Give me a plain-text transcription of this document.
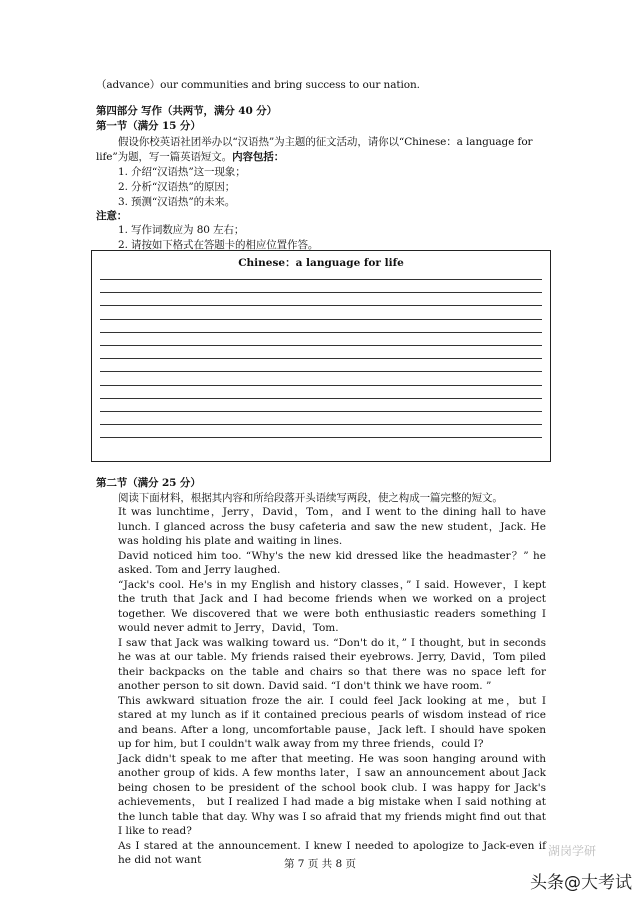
（advance）our communities and bring success to our nation.
第四部分 写作（共两节，满分 40 分）
第一节（满分 15 分）
假设你校英语社团举办以“汉语热”为主题的征文活动，请你以“Chinese：a language for
life”为题，写一篇英语短文。内容包括：
1. 介绍“汉语热”这一现象；
2. 分析“汉语热”的原因；
3. 预测“汉语热”的未来。
注意：
1. 写作词数应为 80 左右；
2. 请按如下格式在答题卡的相应位置作答。
Chinese：a language for life
第二节（满分 25 分）
阅读下面材料，根据其内容和所给段落开头语续写两段，使之构成一篇完整的短文。
It was lunchtime，Jerry，David，Tom，and I went to the dining hall to have lunch. I glanced across the busy cafeteria and saw the new student，Jack. He was holding his plate and waiting in lines.
David noticed him too. “Why's the new kid dressed like the headmaster？” he asked. Tom and Jerry laughed.
“Jack's cool. He's in my English and history classes，” I said. However，I kept the truth that Jack and I had become friends when we worked on a project together. We discovered that we were both enthusiastic readers something I would never admit to Jerry，David，Tom.
I saw that Jack was walking toward us. “Don't do it，” I thought, but in seconds he was at our table. My friends raised their eyebrows. Jerry, David，Tom piled their backpacks on the table and chairs so that there was no space left for another person to sit down. David said. “I don't think we have room. ”
This awkward situation froze the air. I could feel Jack looking at me，but I stared at my lunch as if it contained precious pearls of wisdom instead of rice and beans. After a long, uncomfortable pause，Jack left. I should have spoken up for him, but I couldn't walk away from my three friends，could I?
Jack didn't speak to me after that meeting. He was soon hanging around with another group of kids. A few months later，I saw an announcement about Jack being chosen to be president of the school book club. I was happy for Jack's achievements， but I realized I had made a big mistake when I said nothing at the lunch table that day. Why was I so afraid that my friends might find out that I like to read?
As I stared at the announcement. I knew I needed to apologize to Jack-even if he did not want	第 7 页 共 8 页
湖岗学研
头条@大考试
